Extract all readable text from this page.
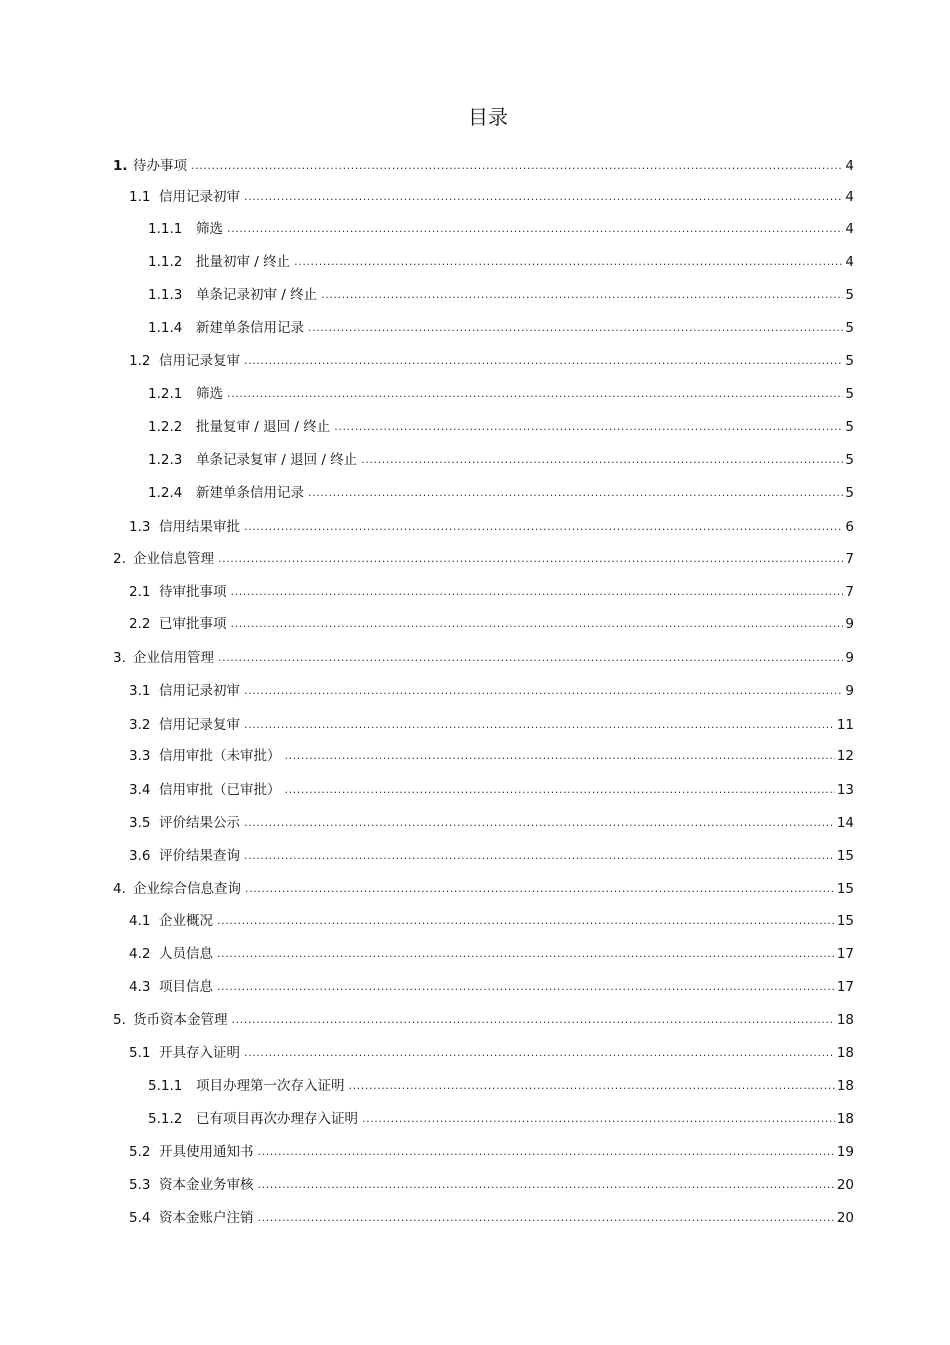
目录
1. 待办事项 .....	4
1.1 信用记录初审 .....	4
1.1.1	筛选 .....	4
1.1.2	批量初审 / 终止 .....	4
1.1.3	单条记录初审 / 终止 .....	5
1.1.4	新建单条信用记录 .....	5
1.2 信用记录复审 .....	5
1.2.1	筛选 .....	5
1.2.2	批量复审 / 退回 / 终止 .....	5
1.2.3	单条记录复审 / 退回 / 终止 .....	5
1.2.4	新建单条信用记录 .....	5
1.3 信用结果审批 .....	6
2. 企业信息管理 .....	7
2.1 待审批事项 .....	7
2.2 已审批事项 .....	9
3. 企业信用管理 .....	9
3.1 信用记录初审 .....	9
3.2 信用记录复审 .....	11
3.3 信用审批（未审批） .....	12
3.4 信用审批（已审批） .....	13
3.5 评价结果公示 .....	14
3.6 评价结果查询 .....	15
4. 企业综合信息查询 .....	15
4.1 企业概况 .....	15
4.2 人员信息 .....	17
4.3 项目信息 .....	17
5. 货币资本金管理 .....	18
5.1 开具存入证明 .....	18
5.1.1	项目办理第一次存入证明 .....	18
5.1.2	已有项目再次办理存入证明 .....	18
5.2 开具使用通知书 .....	19
5.3 资本金业务审核 .....	20
5.4 资本金账户注销 .....	20
